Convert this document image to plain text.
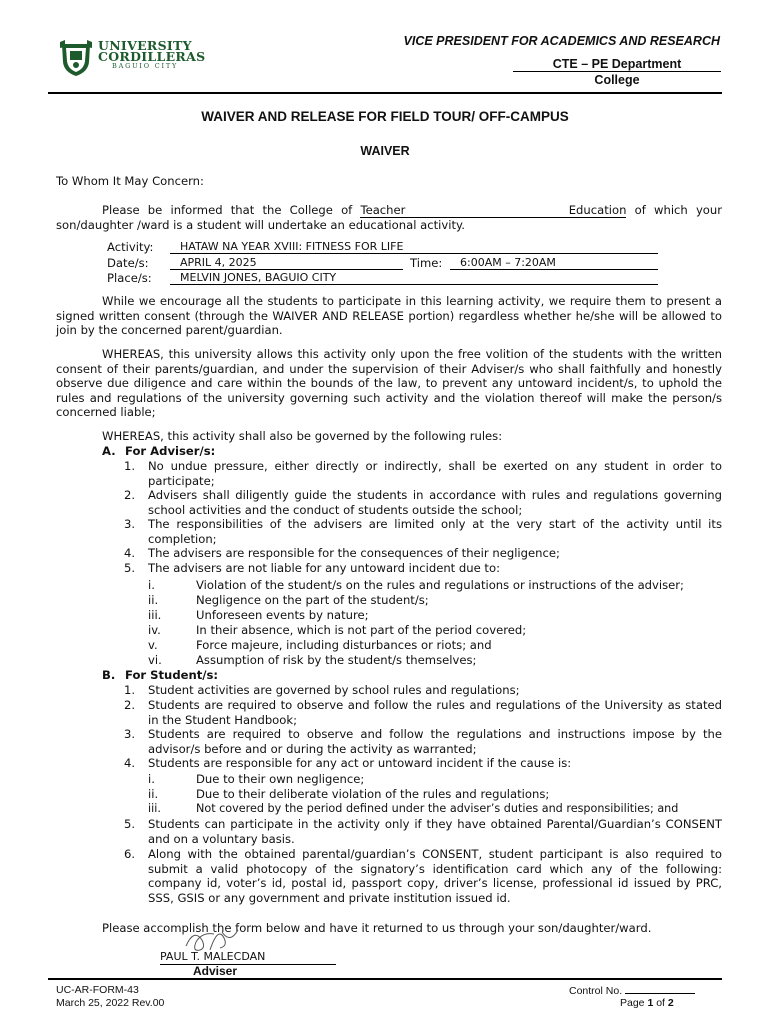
UNIVERSITY
CORDILLERAS
BAGUIO CITY
VICE PRESIDENT FOR ACADEMICS AND RESEARCH
CTE – PE Department
College
WAIVER AND RELEASE FOR FIELD TOUR/ OFF-CAMPUS
WAIVER
To Whom It May Concern:
Please be informed that the College of Teacher Education of which your
son/daughter /ward is a student will undertake an educational activity.
Activity:	HATAW NA YEAR XVIII: FITNESS FOR LIFE
Date/s:	APRIL 4, 2025	Time:	6:00AM – 7:20AM
Place/s:	MELVIN JONES, BAGUIO CITY
While we encourage all the students to participate in this learning activity, we require them to present a signed written consent (through the WAIVER AND RELEASE portion) regardless whether he/she will be allowed to join by the concerned parent/guardian.
WHEREAS, this university allows this activity only upon the free volition of the students with the written consent of their parents/guardian, and under the supervision of their Adviser/s who shall faithfully and honestly observe due diligence and care within the bounds of the law, to prevent any untoward incident/s, to uphold the rules and regulations of the university governing such activity and the violation thereof will make the person/s concerned liable;
WHEREAS, this activity shall also be governed by the following rules:
A. For Adviser/s:
1. No undue pressure, either directly or indirectly, shall be exerted on any student in order to participate;
2. Advisers shall diligently guide the students in accordance with rules and regulations governing school activities and the conduct of students outside the school;
3. The responsibilities of the advisers are limited only at the very start of the activity until its completion;
4. The advisers are responsible for the consequences of their negligence;
5. The advisers are not liable for any untoward incident due to:
i.	Violation of the student/s on the rules and regulations or instructions of the adviser;
ii.	Negligence on the part of the student/s;
iii.	Unforeseen events by nature;
iv.	In their absence, which is not part of the period covered;
v.	Force majeure, including disturbances or riots; and
vi.	Assumption of risk by the student/s themselves;
B. For Student/s:
1. Student activities are governed by school rules and regulations;
2. Students are required to observe and follow the rules and regulations of the University as stated in the Student Handbook;
3. Students are required to observe and follow the regulations and instructions impose by the advisor/s before and or during the activity as warranted;
4. Students are responsible for any act or untoward incident if the cause is:
i.	Due to their own negligence;
ii.	Due to their deliberate violation of the rules and regulations;
iii.	Not covered by the period defined under the adviser’s duties and responsibilities; and
5. Students can participate in the activity only if they have obtained Parental/Guardian’s CONSENT and on a voluntary basis.
6. Along with the obtained parental/guardian’s CONSENT, student participant is also required to submit a valid photocopy of the signatory’s identification card which any of the following: company id, voter’s id, postal id, passport copy, driver’s license, professional id issued by PRC, SSS, GSIS or any government and private institution issued id.
Please accomplish the form below and have it returned to us through your son/daughter/ward.
PAUL T. MALECDAN
Adviser
UC-AR-FORM-43
March 25, 2022 Rev.00
Control No.
Page 1 of 2
